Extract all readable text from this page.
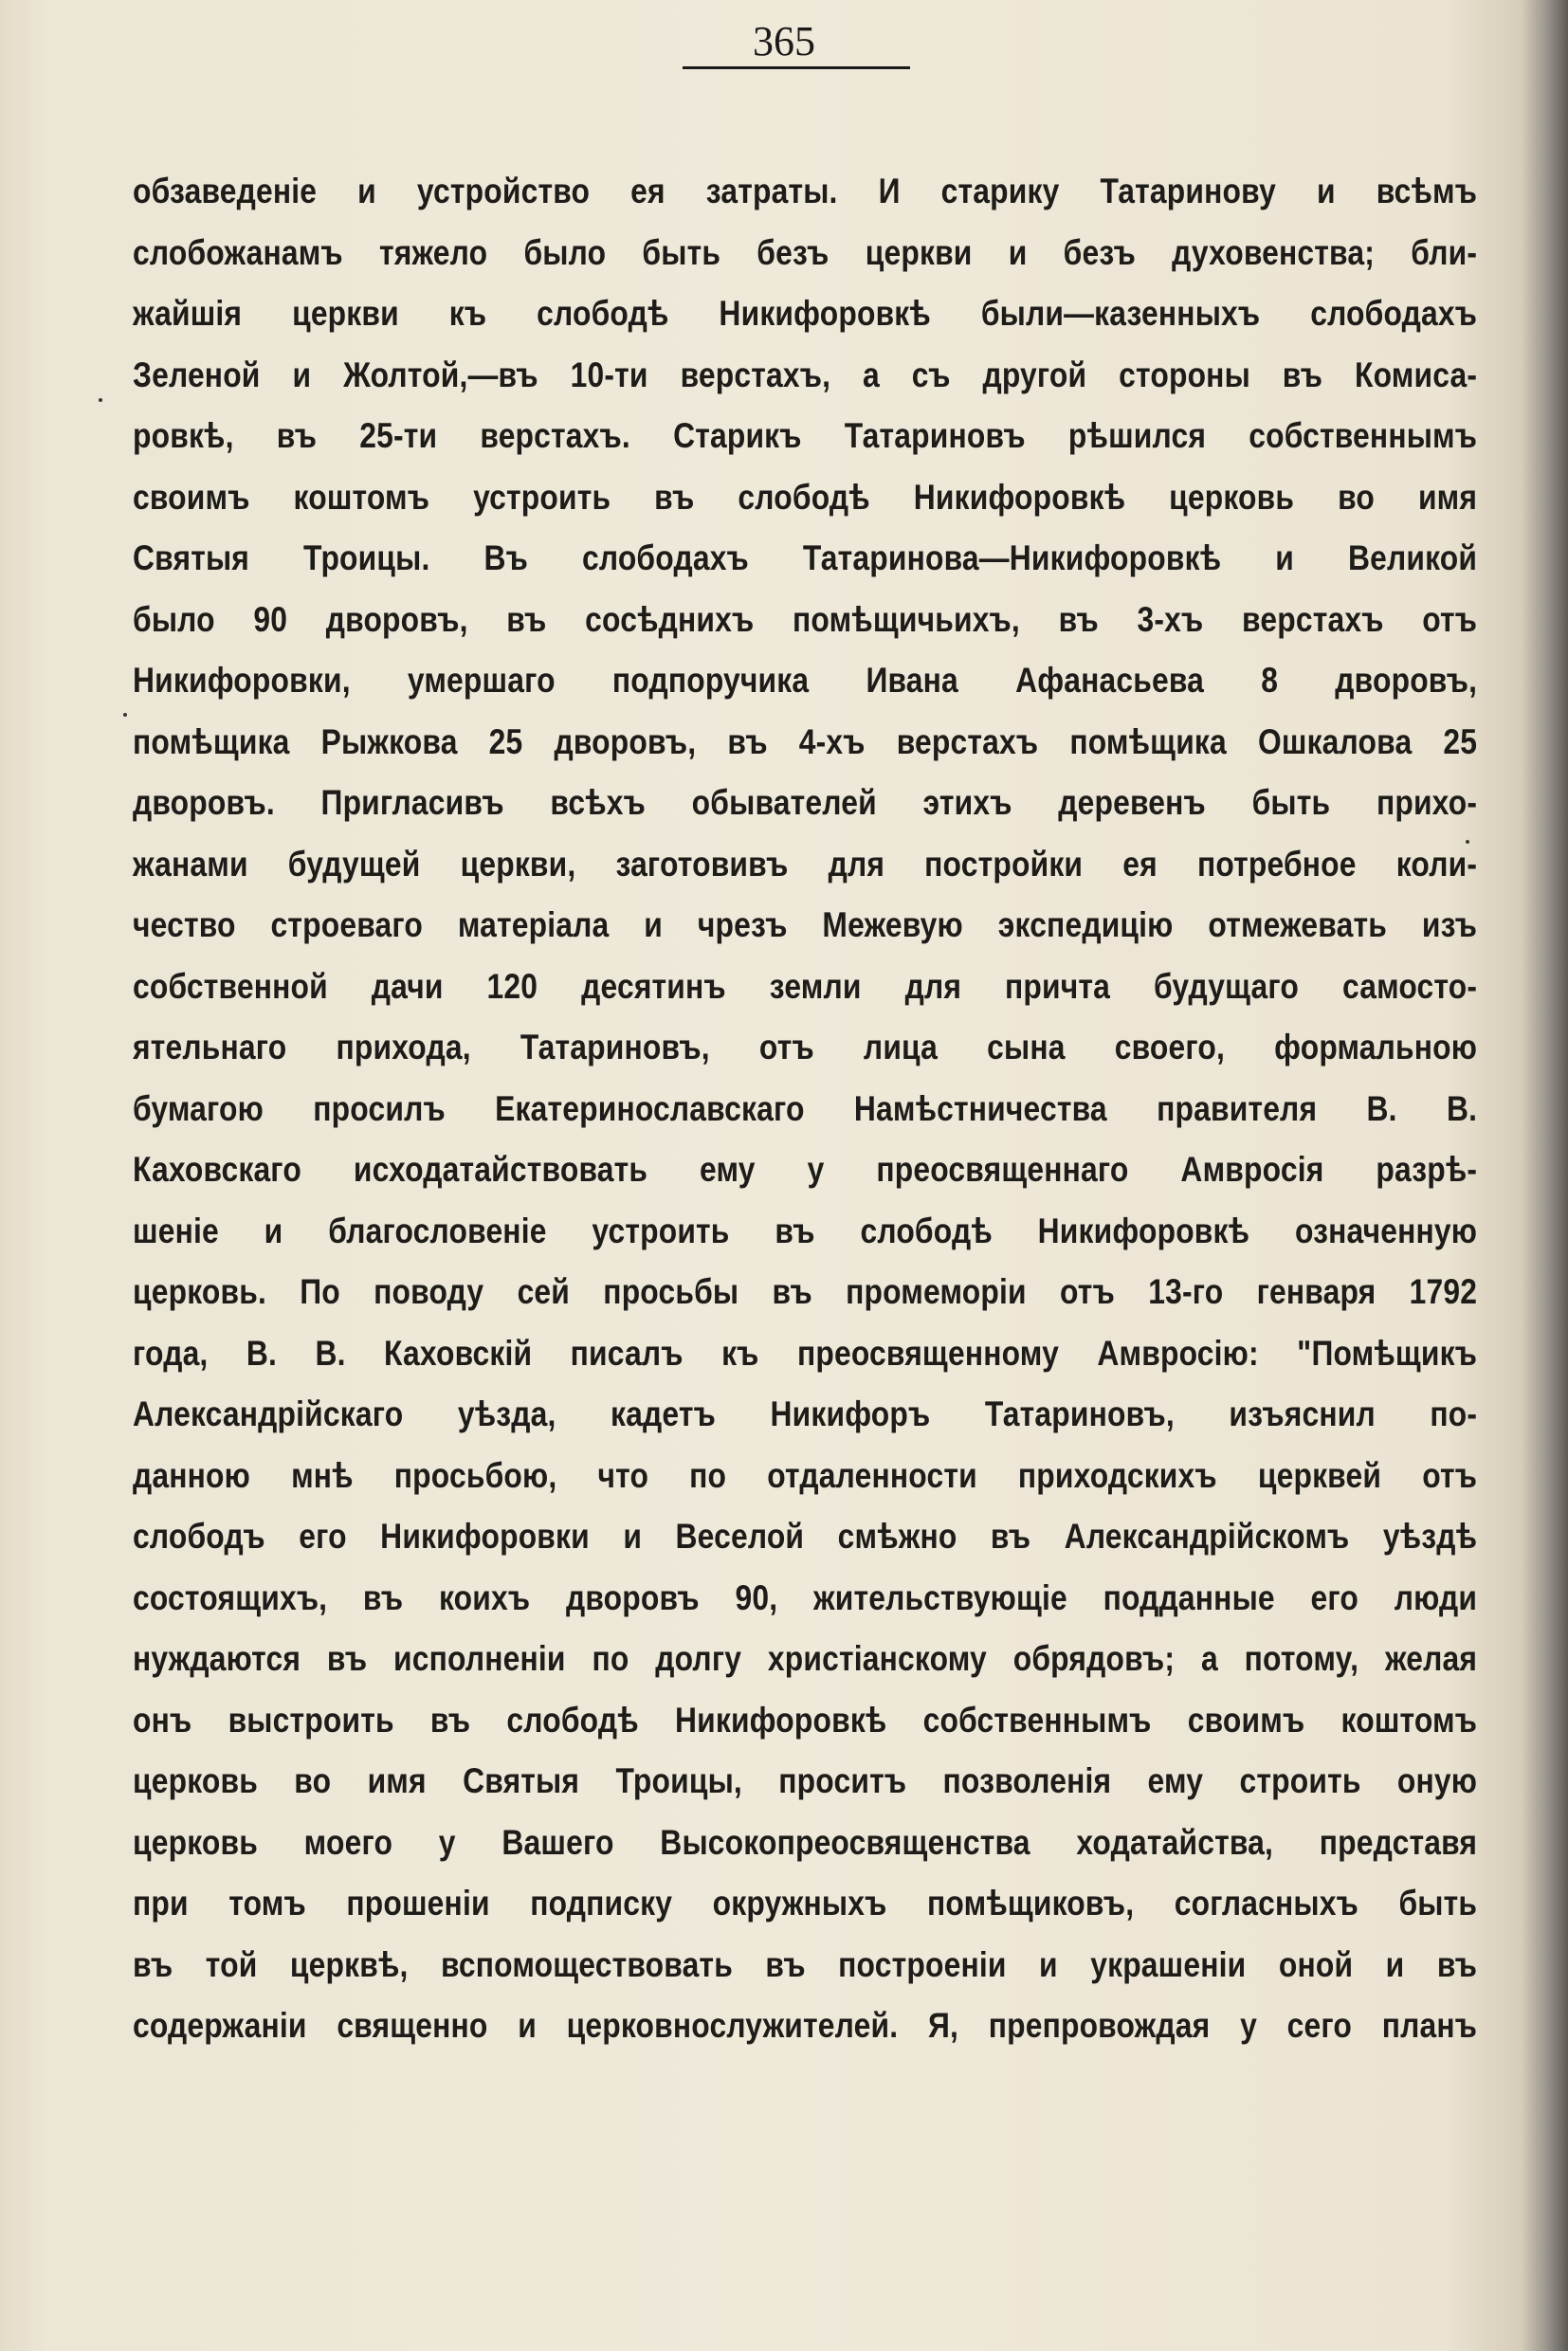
365
обзаведеніе и устройство ея затраты. И старику Татаринову и всѣмъ
слобожанамъ тяжело было быть безъ церкви и безъ духовенства; бли-
жайшія церкви къ слободѣ Никифоровкѣ были—казенныхъ слободахъ
Зеленой и Жолтой,—въ 10-ти верстахъ, а съ другой стороны въ Комиса-
ровкѣ, въ 25-ти верстахъ. Старикъ Татариновъ рѣшился собственнымъ
своимъ коштомъ устроить въ слободѣ Никифоровкѣ церковь во имя
Святыя Троицы. Въ слободахъ Татаринова—Никифоровкѣ и Великой
было 90 дворовъ, въ сосѣднихъ помѣщичьихъ, въ 3-хъ верстахъ отъ
Никифоровки, умершаго подпоручика Ивана Афанасьева 8 дворовъ,
помѣщика Рыжкова 25 дворовъ, въ 4-хъ верстахъ помѣщика Ошкалова 25
дворовъ. Пригласивъ всѣхъ обывателей этихъ деревенъ быть прихо-
жанами будущей церкви, заготовивъ для постройки ея потребное коли-
чество строеваго матеріала и чрезъ Межевую экспедицію отмежевать изъ
собственной дачи 120 десятинъ земли для причта будущаго самосто-
ятельнаго прихода, Татариновъ, отъ лица сына своего, формальною
бумагою просилъ Екатеринославскаго Намѣстничества правителя В. В.
Каховскаго исходатайствовать ему у преосвященнаго Амвросія разрѣ-
шеніе и благословеніе устроить въ слободѣ Никифоровкѣ означенную
церковь. По поводу сей просьбы въ промеморіи отъ 13-го генваря 1792
года, В. В. Каховскій писалъ къ преосвященному Амвросію: "Помѣщикъ
Александрійскаго уѣзда, кадетъ Никифоръ Татариновъ, изъяснил по-
данною мнѣ просьбою, что по отдаленности приходскихъ церквей отъ
слободъ его Никифоровки и Веселой смѣжно въ Александрійскомъ уѣздѣ
состоящихъ, въ коихъ дворовъ 90, жительствующіе подданные его люди
нуждаются въ исполненіи по долгу христіанскому обрядовъ; а потому, желая
онъ выстроить въ слободѣ Никифоровкѣ собственнымъ своимъ коштомъ
церковь во имя Святыя Троицы, проситъ позволенія ему строить оную
церковь моего у Вашего Высокопреосвященства ходатайства, представя
при томъ прошеніи подписку окружныхъ помѣщиковъ, согласныхъ быть
въ той церквѣ, вспомоществовать въ построеніи и украшеніи оной и въ
содержаніи священно и церковнослужителей. Я, препровождая у сего планъ
